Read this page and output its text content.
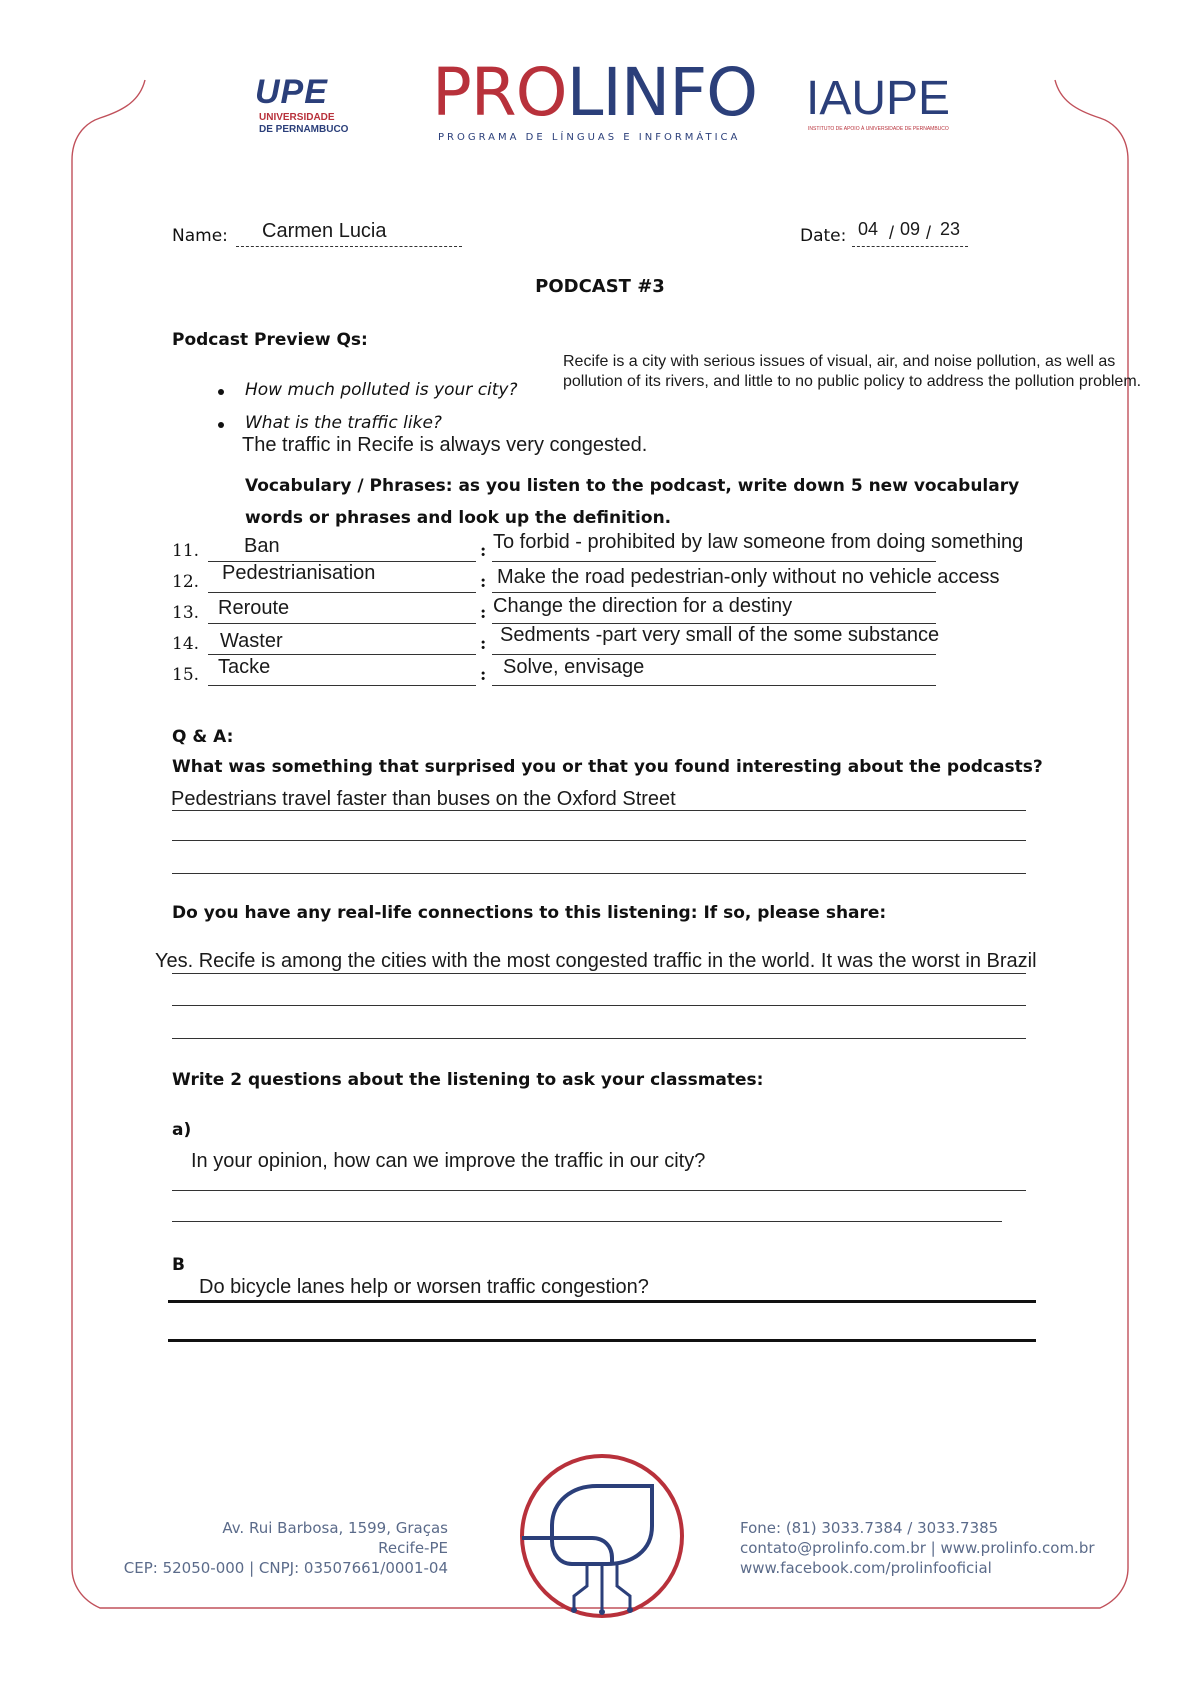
UPE
UNIVERSIDADE
DE PERNAMBUCO PROLINFO
PROGRAMA DE LÍNGUAS E INFORMÁTICA
IAUPE
INSTITUTO DE APOIO À UNIVERSIDADE DE PERNAMBUCO
Name: Carmen Lucia	Date: 04 / 09 / 23
PODCAST #3
Podcast Preview Qs:
How much polluted is your city?
What is the traffic like?
Recife is a city with serious issues of visual, air, and noise pollution, as well as pollution of its rivers, and little to no public policy to address the pollution problem.
The traffic in Recife is always very congested.
Vocabulary / Phrases: as you listen to the podcast, write down 5 new vocabulary
words or phrases and look up the definition.
11. Ban	: To forbid - prohibited by law someone from doing something
12. Pedestrianisation	: Make the road pedestrian-only without no vehicle access
13. Reroute	: Change the direction for a destiny
14. Waster	: Sedments -part very small of the some substance
15. Tacke	: Solve, envisage
Q & A:
What was something that surprised you or that you found interesting about the podcasts?
Pedestrians travel faster than buses on the Oxford Street
Do you have any real-life connections to this listening: If so, please share:
Yes. Recife is among the cities with the most congested traffic in the world. It was the worst in Brazil
Write 2 questions about the listening to ask your classmates:
a)
In your opinion, how can we improve the traffic in our city?
B
Do bicycle lanes help or worsen traffic congestion?
Av. Rui Barbosa, 1599, Graças
Recife-PE
CEP: 52050-000 | CNPJ: 03507661/0001-04
Fone: (81) 3033.7384 / 3033.7385
contato@prolinfo.com.br | www.prolinfo.com.br
www.facebook.com/prolinfooficial
